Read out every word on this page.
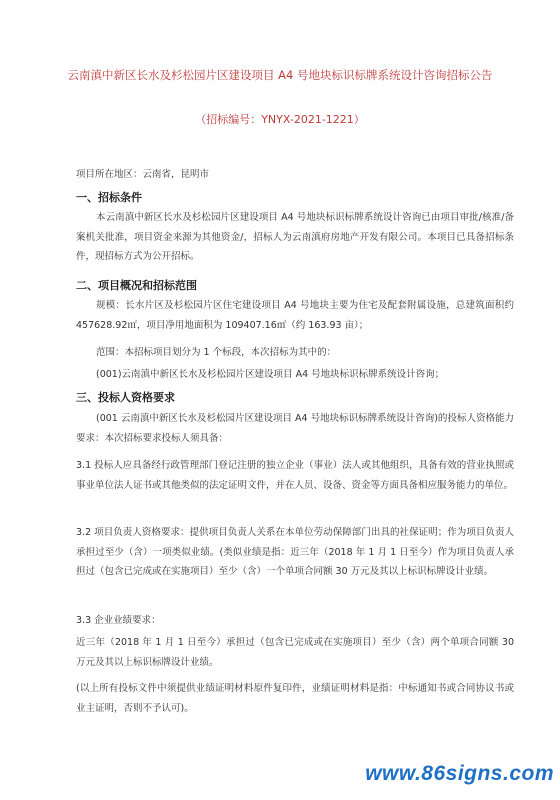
云南滇中新区长水及杉松园片区建设项目 A4 号地块标识标牌系统设计咨询招标公告

（招标编号：YNYX-2021-1221）

项目所在地区：云南省，昆明市

一、招标条件

本云南滇中新区长水及杉松园片区建设项目 A4 号地块标识标牌系统设计咨询已由项目审批/核准/备案机关批准，项目资金来源为其他资金/，招标人为云南滇府房地产开发有限公司。本项目已具备招标条件，现招标方式为公开招标。

二、项目概况和招标范围

规模：长水片区及杉松园片区住宅建设项目 A4 号地块主要为住宅及配套附属设施，总建筑面积约 457628.92㎡，项目净用地面积为 109407.16㎡（约 163.93 亩）；

范围：本招标项目划分为 1 个标段，本次招标为其中的：

(001)云南滇中新区长水及杉松园片区建设项目 A4 号地块标识标牌系统设计咨询；

三、投标人资格要求

(001 云南滇中新区长水及杉松园片区建设项目 A4 号地块标识标牌系统设计咨询)的投标人资格能力要求：本次招标要求投标人须具备：

3.1 投标人应具备经行政管理部门登记注册的独立企业（事业）法人或其他组织，具备有效的营业执照或事业单位法人证书或其他类似的法定证明文件，并在人员、设备、资金等方面具备相应服务能力的单位。

3.2 项目负责人资格要求：提供项目负责人关系在本单位劳动保障部门出具的社保证明；作为项目负责人承担过至少（含）一项类似业绩。(类似业绩是指：近三年（2018 年 1 月 1 日至今）作为项目负责人承担过（包含已完成或在实施项目）至少（含）一个单项合同额 30 万元及其以上标识标牌设计业绩。

3.3 企业业绩要求：

近三年（2018 年 1 月 1 日至今）承担过（包含已完成或在实施项目）至少（含）两个单项合同额 30 万元及其以上标识标牌设计业绩。

(以上所有投标文件中须提供业绩证明材料原件复印件，业绩证明材料是指：中标通知书或合同协议书或业主证明，否则不予认可)。

www.86signs.com
